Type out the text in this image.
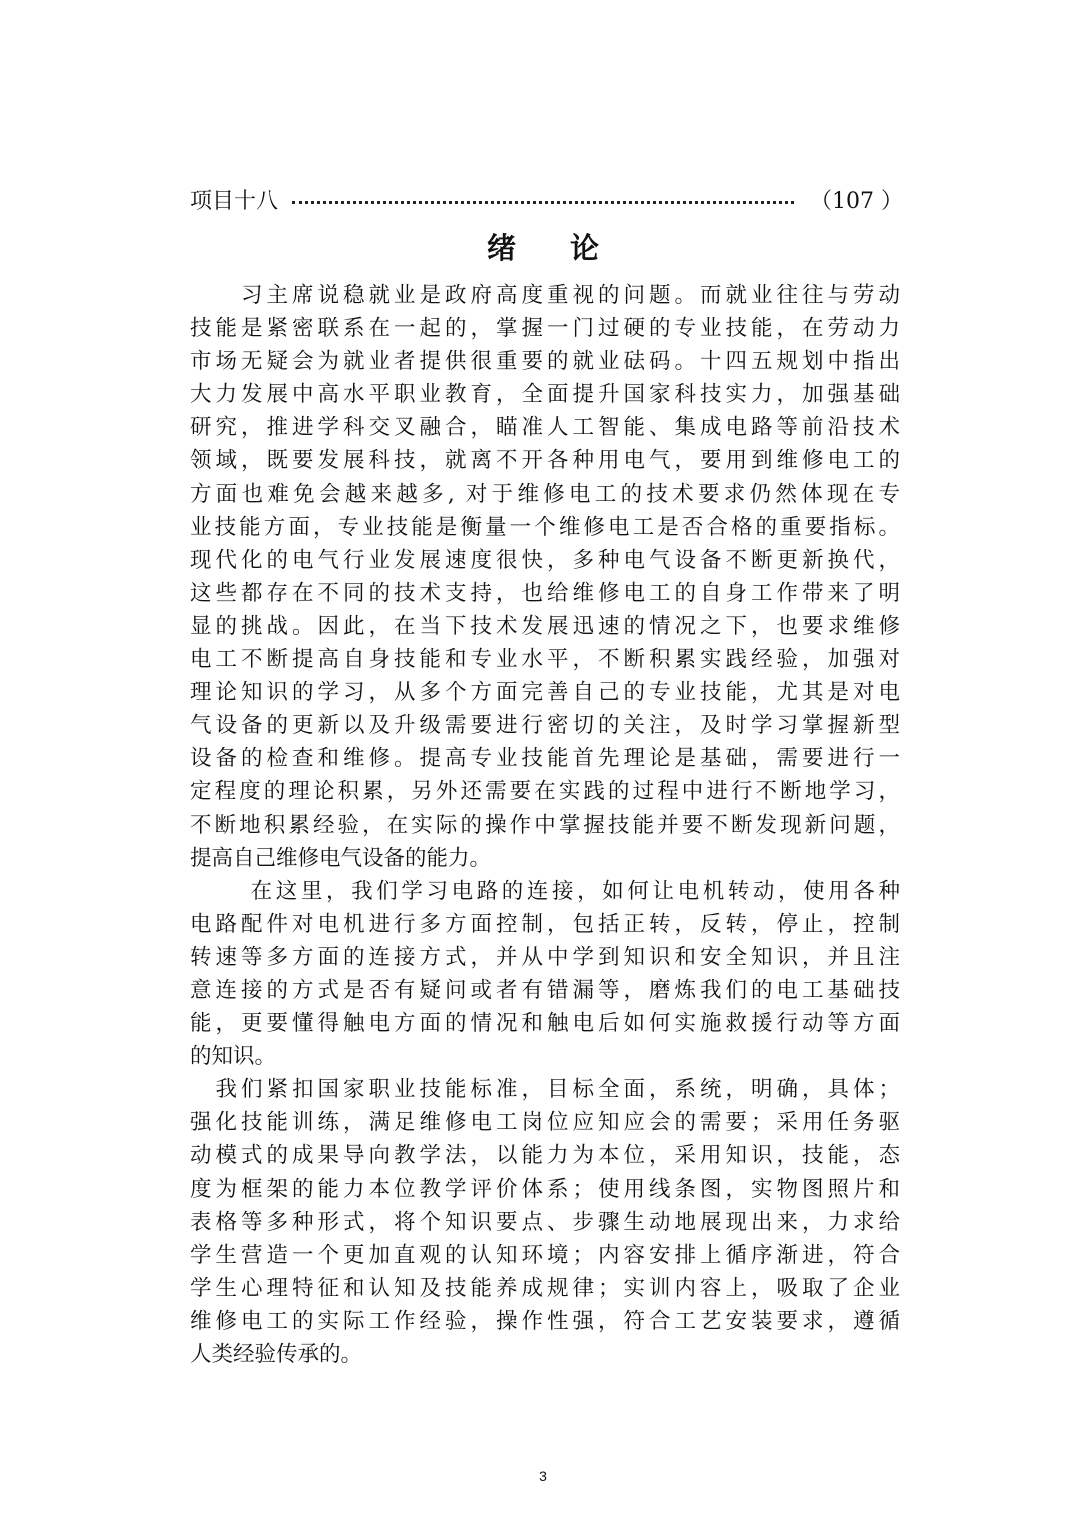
项目十八	（107 ）
绪 论
　　习主席说稳就业是政府高度重视的问题。而就业往往与劳动
技能是紧密联系在一起的，掌握一门过硬的专业技能，在劳动力
市场无疑会为就业者提供很重要的就业砝码。十四五规划中指出
大力发展中高水平职业教育，全面提升国家科技实力，加强基础
研究，推进学科交叉融合，瞄准人工智能、集成电路等前沿技术
领域，既要发展科技，就离不开各种用电气，要用到维修电工的
方面也难免会越来越多, 对于维修电工的技术要求仍然体现在专
业技能方面，专业技能是衡量一个维修电工是否合格的重要指标。
现代化的电气行业发展速度很快，多种电气设备不断更新换代，
这些都存在不同的技术支持，也给维修电工的自身工作带来了明
显的挑战。因此，在当下技术发展迅速的情况之下，也要求维修
电工不断提高自身技能和专业水平，不断积累实践经验，加强对
理论知识的学习，从多个方面完善自己的专业技能，尤其是对电
气设备的更新以及升级需要进行密切的关注，及时学习掌握新型
设备的检查和维修。提高专业技能首先理论是基础，需要进行一
定程度的理论积累，另外还需要在实践的过程中进行不断地学习，
不断地积累经验，在实际的操作中掌握技能并要不断发现新问题，
提高自己维修电气设备的能力。
　　 在这里，我们学习电路的连接，如何让电机转动，使用各种
电路配件对电机进行多方面控制，包括正转，反转，停止，控制
转速等多方面的连接方式，并从中学到知识和安全知识，并且注
意连接的方式是否有疑问或者有错漏等，磨炼我们的电工基础技
能，更要懂得触电方面的情况和触电后如何实施救援行动等方面
的知识。
　我们紧扣国家职业技能标准，目标全面，系统，明确，具体；
强化技能训练，满足维修电工岗位应知应会的需要；采用任务驱
动模式的成果导向教学法，以能力为本位，采用知识，技能，态
度为框架的能力本位教学评价体系；使用线条图，实物图照片和
表格等多种形式，将个知识要点、步骤生动地展现出来，力求给
学生营造一个更加直观的认知环境；内容安排上循序渐进，符合
学生心理特征和认知及技能养成规律；实训内容上，吸取了企业
维修电工的实际工作经验，操作性强，符合工艺安装要求，遵循
人类经验传承的。
3
